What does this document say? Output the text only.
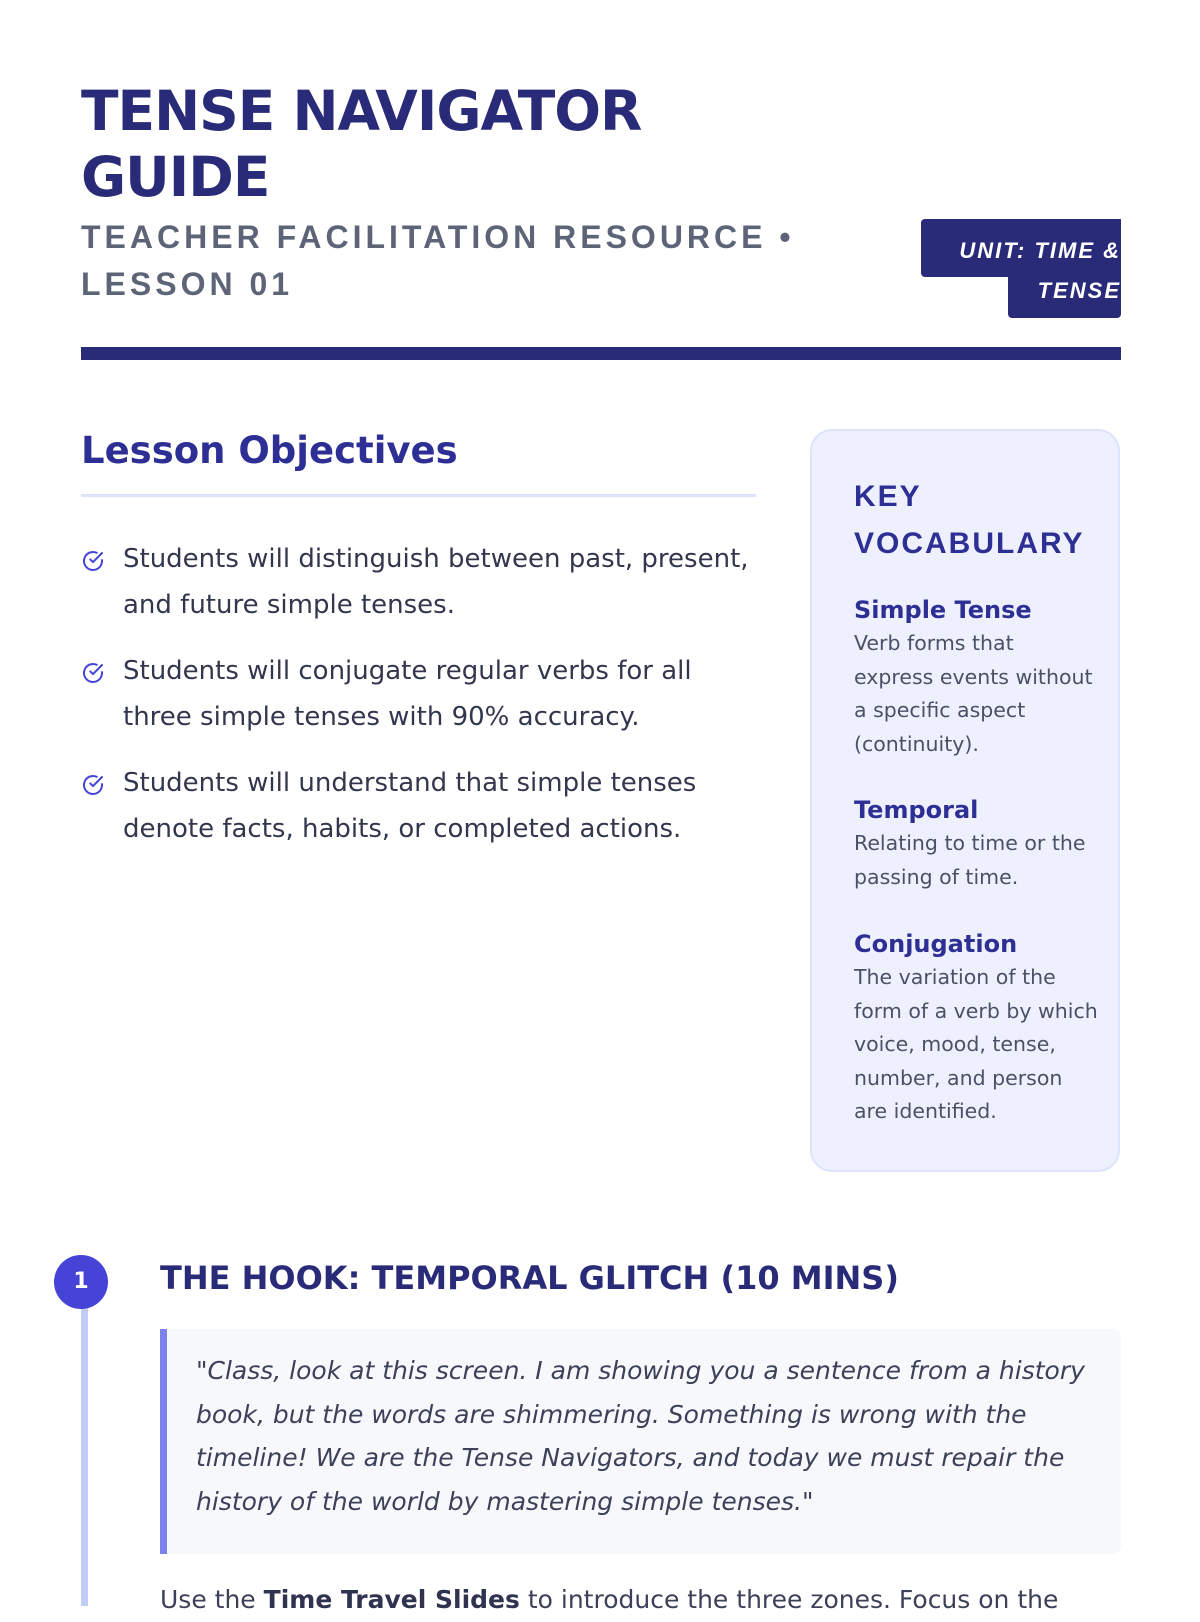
TENSE NAVIGATOR GUIDE
TEACHER FACILITATION RESOURCE • LESSON 01
UNIT: TIME &
TENSE
Lesson Objectives
Students will distinguish between past, present, and future simple tenses.
Students will conjugate regular verbs for all three simple tenses with 90% accuracy.
Students will understand that simple tenses denote facts, habits, or completed actions.
KEY VOCABULARY
Simple Tense
Verb forms that express events without a specific aspect (continuity).
Temporal
Relating to time or the passing of time.
Conjugation
The variation of the form of a verb by which voice, mood, tense, number, and person are identified.
1	THE HOOK: TEMPORAL GLITCH (10 MINS)
"Class, look at this screen. I am showing you a sentence from a history book, but the words are shimmering. Something is wrong with the timeline! We are the Tense Navigators, and today we must repair the history of the world by mastering simple tenses."
Use the Time Travel Slides to introduce the three zones. Focus on the
